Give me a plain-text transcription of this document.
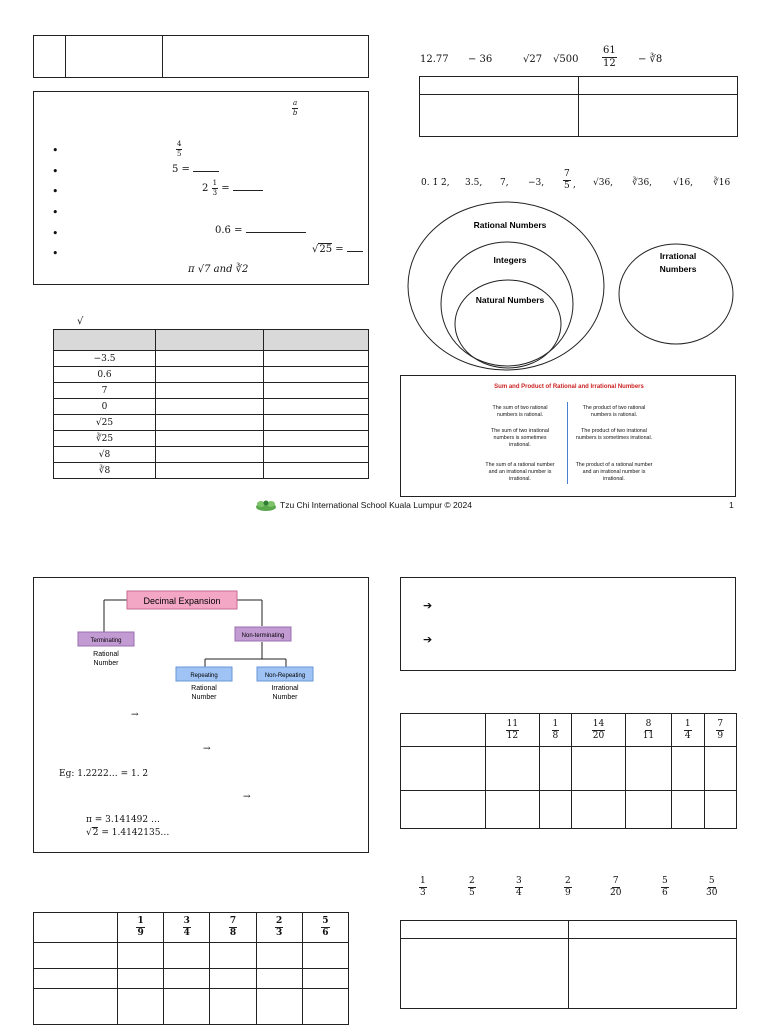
$\frac{a}{b}$
•	$\frac{4}{5}$
•	5 =
•	$2 \frac{1}{3}$ =
•
•	0.6̇ =
•	√25 =
π √7 and ∛2
√

−3.5		
0.6		
7		
0		
√25		
∛25		
√8		
∛8		
12.77 − 36	√27 $√500 \frac{61}{12}$ − ∛8

0. 1̇ 2̇, 3.5, 7, −3, $\frac{7}{5}$ , √36, ∛36, √16, ∛16
Rational Numbers
Integers
Natural Numbers
Irrational
Numbers
Sum and Product of Rational and Irrational Numbers
The sum of two rational numbers is rational.
The sum of two irrational numbers is sometimes irrational.
The sum of a rational number and an irrational number is irrational.
The product of two rational numbers is rational.
The product of two irrational numbers is sometimes irrational.
The product of a rational number and an irrational number is irrational.
Tzu Chi International School Kuala Lumpur © 2024	1
Decimal Expansion
Terminating
Rational
Number
Non-terminating
Repeating
Rational
Number
Non-Repeating
Irrational
Number
→
→
Eg: 1.2222… = 1. 2̇
→
π = 3.141492 …
√2 = 1.4142135…
➔
➔

	$\frac{11}{12}$	$\frac{1}{8}$	$\frac{14}{20}$	$\frac{8}{11}$	$\frac{1}{4}$	$\frac{7}{9}$

$\frac{1}{3}$	$\frac{2}{5}$	$\frac{3}{4}$	$\frac{2}{9}$	$\frac{7}{20}$	$\frac{5}{6}$	$\frac{5}{30}$

	$\frac{1}{9}$	$\frac{3}{4}$	$\frac{7}{8}$	$\frac{2}{3}$	$\frac{5}{6}$
